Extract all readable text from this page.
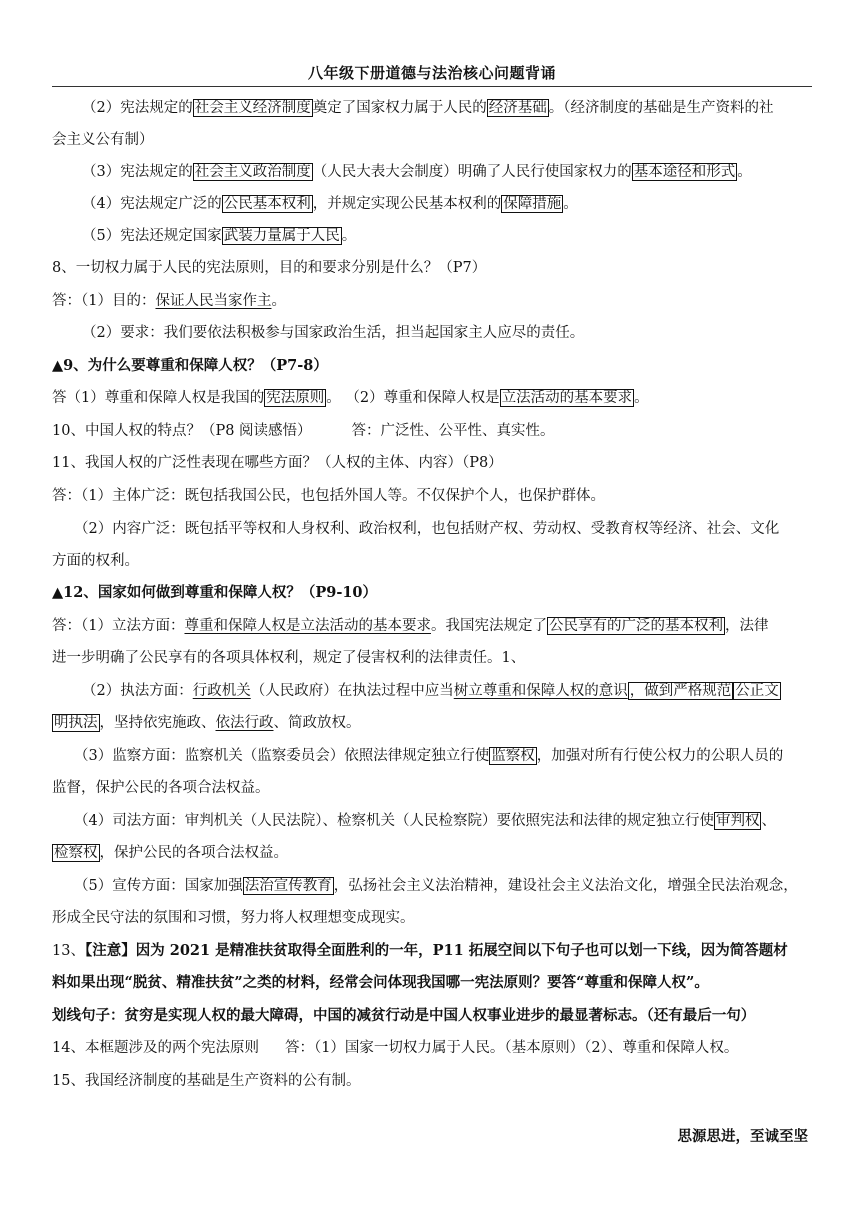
八年级下册道德与法治核心问题背诵

（2）宪法规定的 社会主义经济制度 奠定了国家权力属于人民的 经济基础 。（经济制度的基础是生产资料的社

会主义公有制）

（3）宪法规定的 社会主义政治制度 （人民大表大会制度）明确了人民行使国家权力的 基本途径和形式 。

（4）宪法规定广泛的 公民基本权利 ，并规定实现公民基本权利的 保障措施 。

（5）宪法还规定国家 武装力量属于人民 。

8、一切权力属于人民的宪法原则，目的和要求分别是什么？（P7）

答：（1）目的：保证人民当家作主。

（2）要求：我们要依法积极参与国家政治生活，担当起国家主人应尽的责任。

▲9、为什么要尊重和保障人权？（P7-8）

答（1）尊重和保障人权是我国的 宪法原则 。 （2）尊重和保障人权是 立法活动的基本要求 。

10、中国人权的特点？（P8 阅读感悟）	答：广泛性、公平性、真实性。

11、我国人权的广泛性表现在哪些方面？（人权的主体、内容）（P8）

答：（1）主体广泛：既包括我国公民，也包括外国人等。不仅保护个人，也保护群体。

（2）内容广泛：既包括平等权和人身权利、政治权利，也包括财产权、劳动权、受教育权等经济、社会、文化

方面的权利。

▲12、国家如何做到尊重和保障人权？（P9-10）

答：（1）立法方面：尊重和保障人权是立法活动的基本要求。我国宪法规定了 公民享有的广泛的基本权利 ，法律

进一步明确了公民享有的各项具体权利，规定了侵害权利的法律责任。1、

（2）执法方面：行政机关（人民政府）在执法过程中应当树立尊重和保障人权的意识 ，做到严格规范 公正文

明执法 ，坚持依宪施政、依法行政、简政放权。

（3）监察方面：监察机关（监察委员会）依照法律规定独立行使 监察权 ，加强对所有行使公权力的公职人员的

监督，保护公民的各项合法权益。

（4）司法方面：审判机关（人民法院）、检察机关（人民检察院）要依照宪法和法律的规定独立行使 审判权 、

检察权 ，保护公民的各项合法权益。

（5）宣传方面：国家加强 法治宣传教育 ，弘扬社会主义法治精神，建设社会主义法治文化，增强全民法治观念，

形成全民守法的氛围和习惯，努力将人权理想变成现实。

13、【注意】因为 2021 是精准扶贫取得全面胜利的一年，P11 拓展空间以下句子也可以划一下线，因为简答题材

料如果出现“脱贫、精准扶贫”之类的材料，经常会问体现我国哪一宪法原则？要答“尊重和保障人权”。

划线句子：贫穷是实现人权的最大障碍，中国的减贫行动是中国人权事业进步的最显著标志。（还有最后一句）

14、本框题涉及的两个宪法原则 答：（1）国家一切权力属于人民。（基本原则）（2）、尊重和保障人权。

15、我国经济制度的基础是生产资料的公有制。

思源思进，至诚至坚
